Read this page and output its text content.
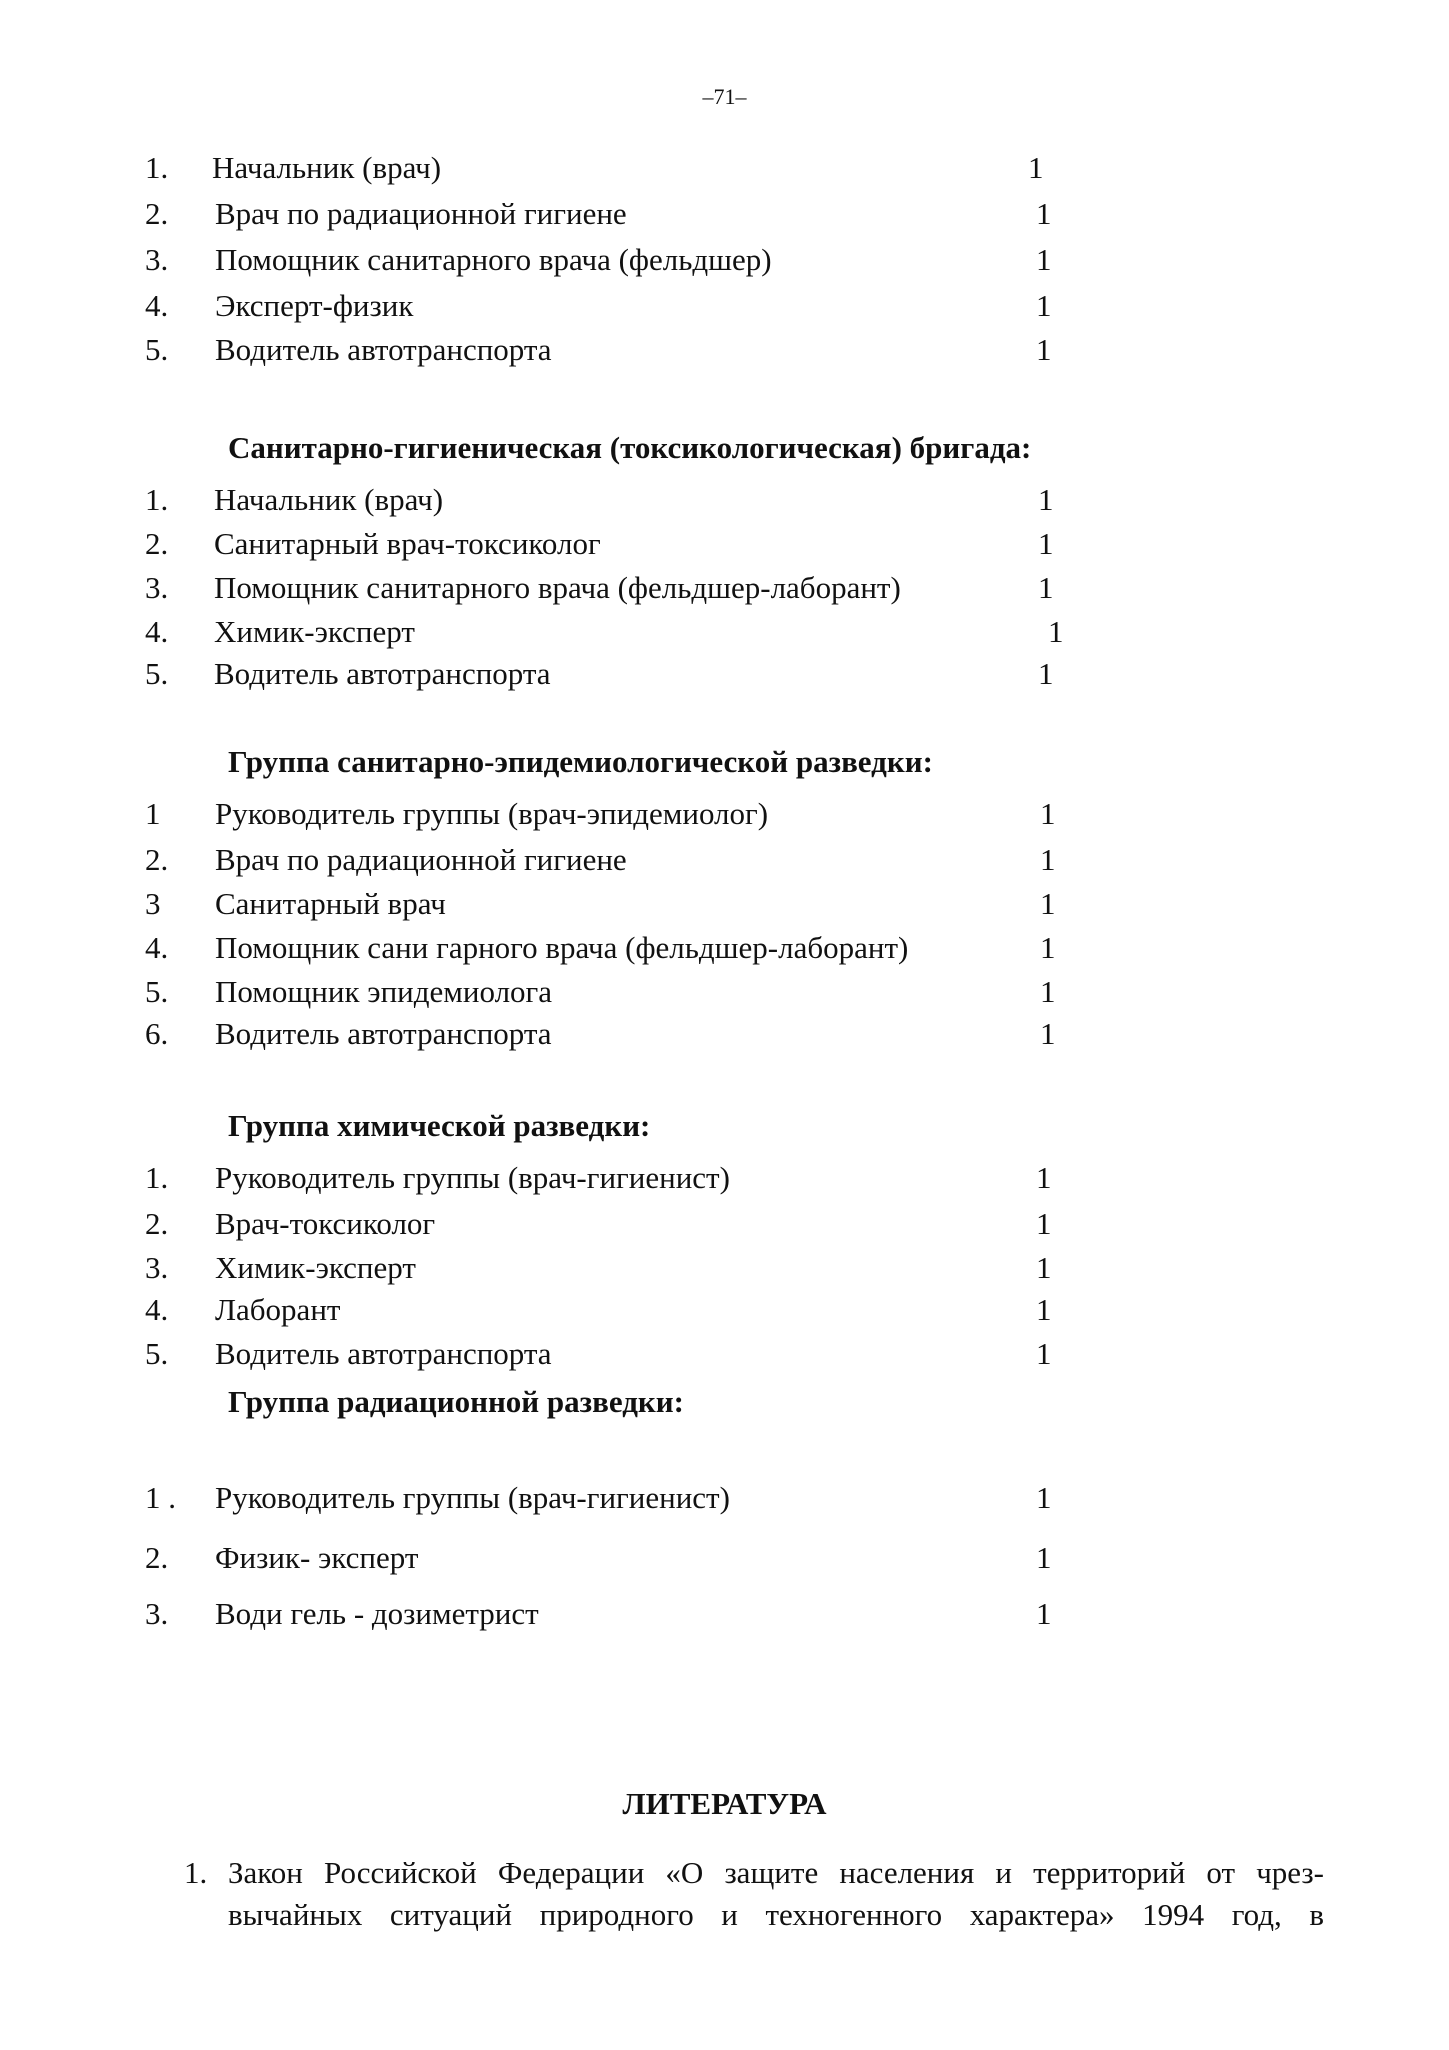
–71–
1. Начальник (врач)	1
2. Врач по радиационной гигиене	1
3. Помощник санитарного врача (фельдшер)	1
4. Эксперт-физик	1
5. Водитель автотранспорта	1
Санитарно-гигиеническая (токсикологическая) бригада:
1. Начальник (врач)	1
2. Санитарный врач-токсиколог	1
3. Помощник санитарного врача (фельдшер-лаборант)	1
4. Химик-эксперт	1
5. Водитель автотранспорта	1
Группа санитарно-эпидемиологической разведки:
1 Руководитель группы (врач-эпидемиолог)	1
2. Врач по радиационной гигиене	1
3 Санитарный врач	1
4. Помощник сани гарного врача (фельдшер-лаборант)	1
5. Помощник эпидемиолога	1
6. Водитель автотранспорта	1
Группа химической разведки:
1. Руководитель группы (врач-гигиенист)	1
2. Врач-токсиколог	1
3. Химик-эксперт	1
4. Лаборант	1
5. Водитель автотранспорта	1
Группа радиационной разведки:
1 . Руководитель группы (врач-гигиенист)	1
2. Физик- эксперт	1
3. Води гель - дозиметрист	1
ЛИТЕРАТУРА
1. Закон Российской Федерации «О защите населения и территорий от чрез-
вычайных ситуаций природного и техногенного характера» 1994 год, в
